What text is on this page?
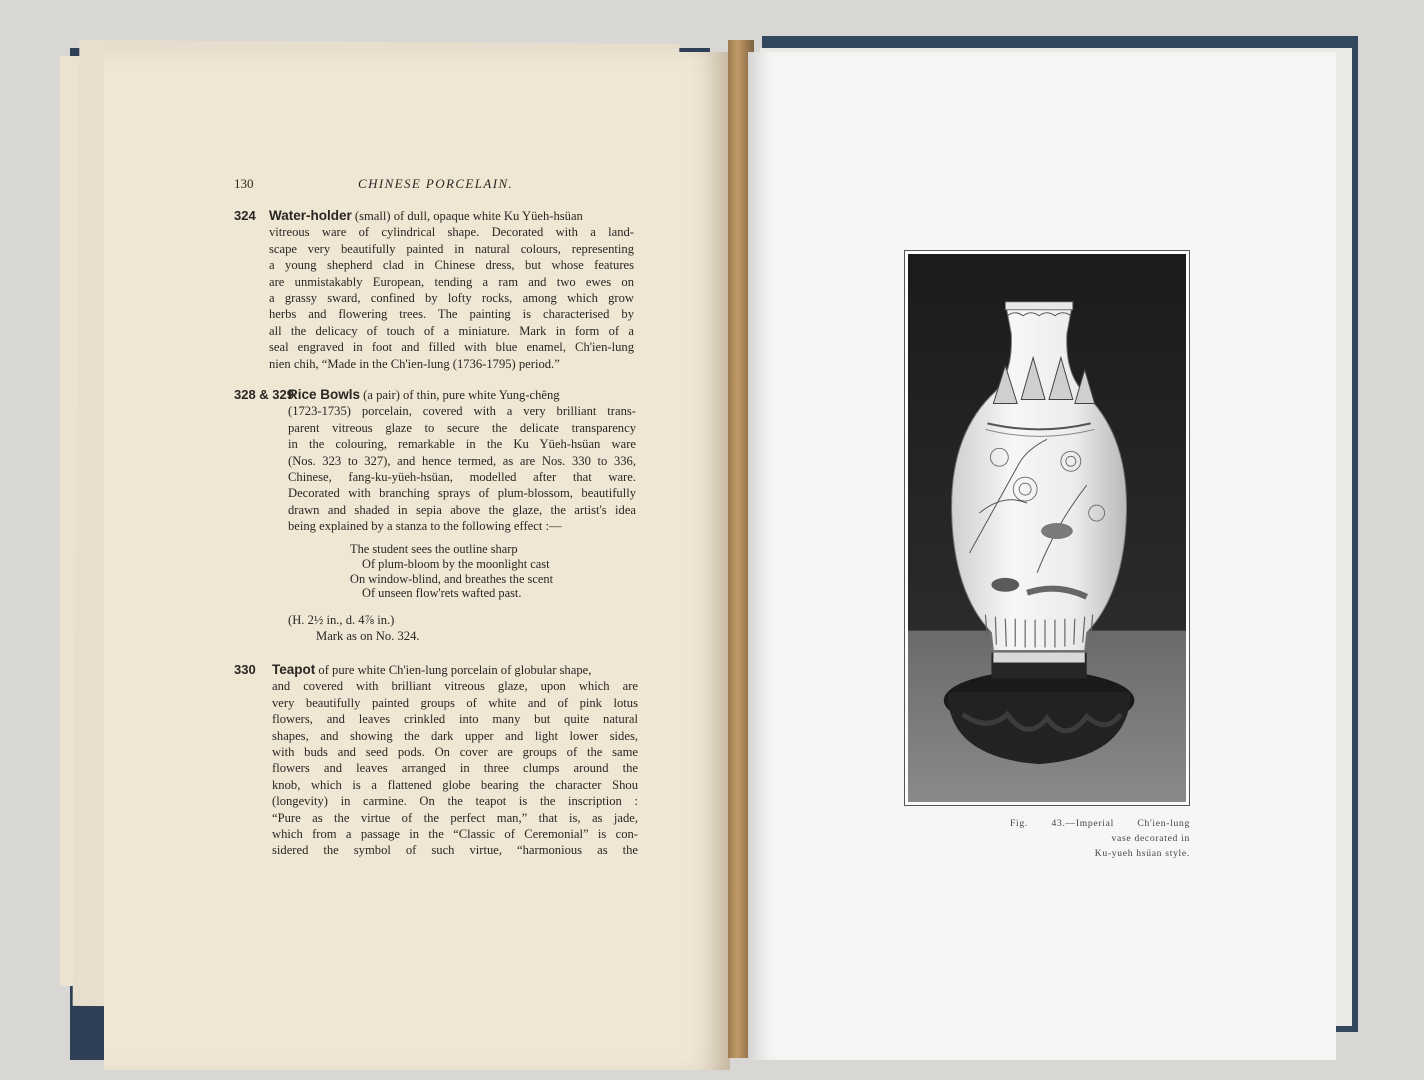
130	CHINESE PORCELAIN.
324 Water-holder (small) of dull, opaque white Ku Yüeh-hsüan
vitreous ware of cylindrical shape. Decorated with a land-
scape very beautifully painted in natural colours, representing
a young shepherd clad in Chinese dress, but whose features
are unmistakably European, tending a ram and two ewes on
a grassy sward, confined by lofty rocks, among which grow
herbs and flowering trees. The painting is characterised by
all the delicacy of touch of a miniature. Mark in form of a
seal engraved in foot and filled with blue enamel, Ch'ien-lung
nien chih, “Made in the Ch'ien-lung (1736-1795) period.”
328 & 329
Rice Bowls (a pair) of thin, pure white Yung-chêng
(1723-1735) porcelain, covered with a very brilliant trans-
parent vitreous glaze to secure the delicate transparency
in the colouring, remarkable in the Ku Yüeh-hsüan ware
(Nos. 323 to 327), and hence termed, as are Nos. 330 to 336,
Chinese, fang-ku-yüeh-hsüan, modelled after that ware.
Decorated with branching sprays of plum-blossom, beautifully
drawn and shaded in sepia above the glaze, the artist's idea
being explained by a stanza to the following effect :—
The student sees the outline sharp
Of plum-bloom by the moonlight cast
On window-blind, and breathes the scent
Of unseen flow'rets wafted past.
(H. 2½ in., d. 4⅞ in.)
Mark as on No. 324.
330 Teapot of pure white Ch'ien-lung porcelain of globular shape,
and covered with brilliant vitreous glaze, upon which are
very beautifully painted groups of white and of pink lotus
flowers, and leaves crinkled into many but quite natural
shapes, and showing the dark upper and light lower sides,
with buds and seed pods. On cover are groups of the same
flowers and leaves arranged in three clumps around the
knob, which is a flattened globe bearing the character Shou
(longevity) in carmine. On the teapot is the inscription :
“Pure as the virtue of the perfect man,” that is, as jade,
which from a passage in the “Classic of Ceremonial” is con-
sidered the symbol of such virtue, “harmonious as the
Fig. 43.—Imperial Ch'ien-lung
vase decorated in
Ku-yueh hsüan style.
